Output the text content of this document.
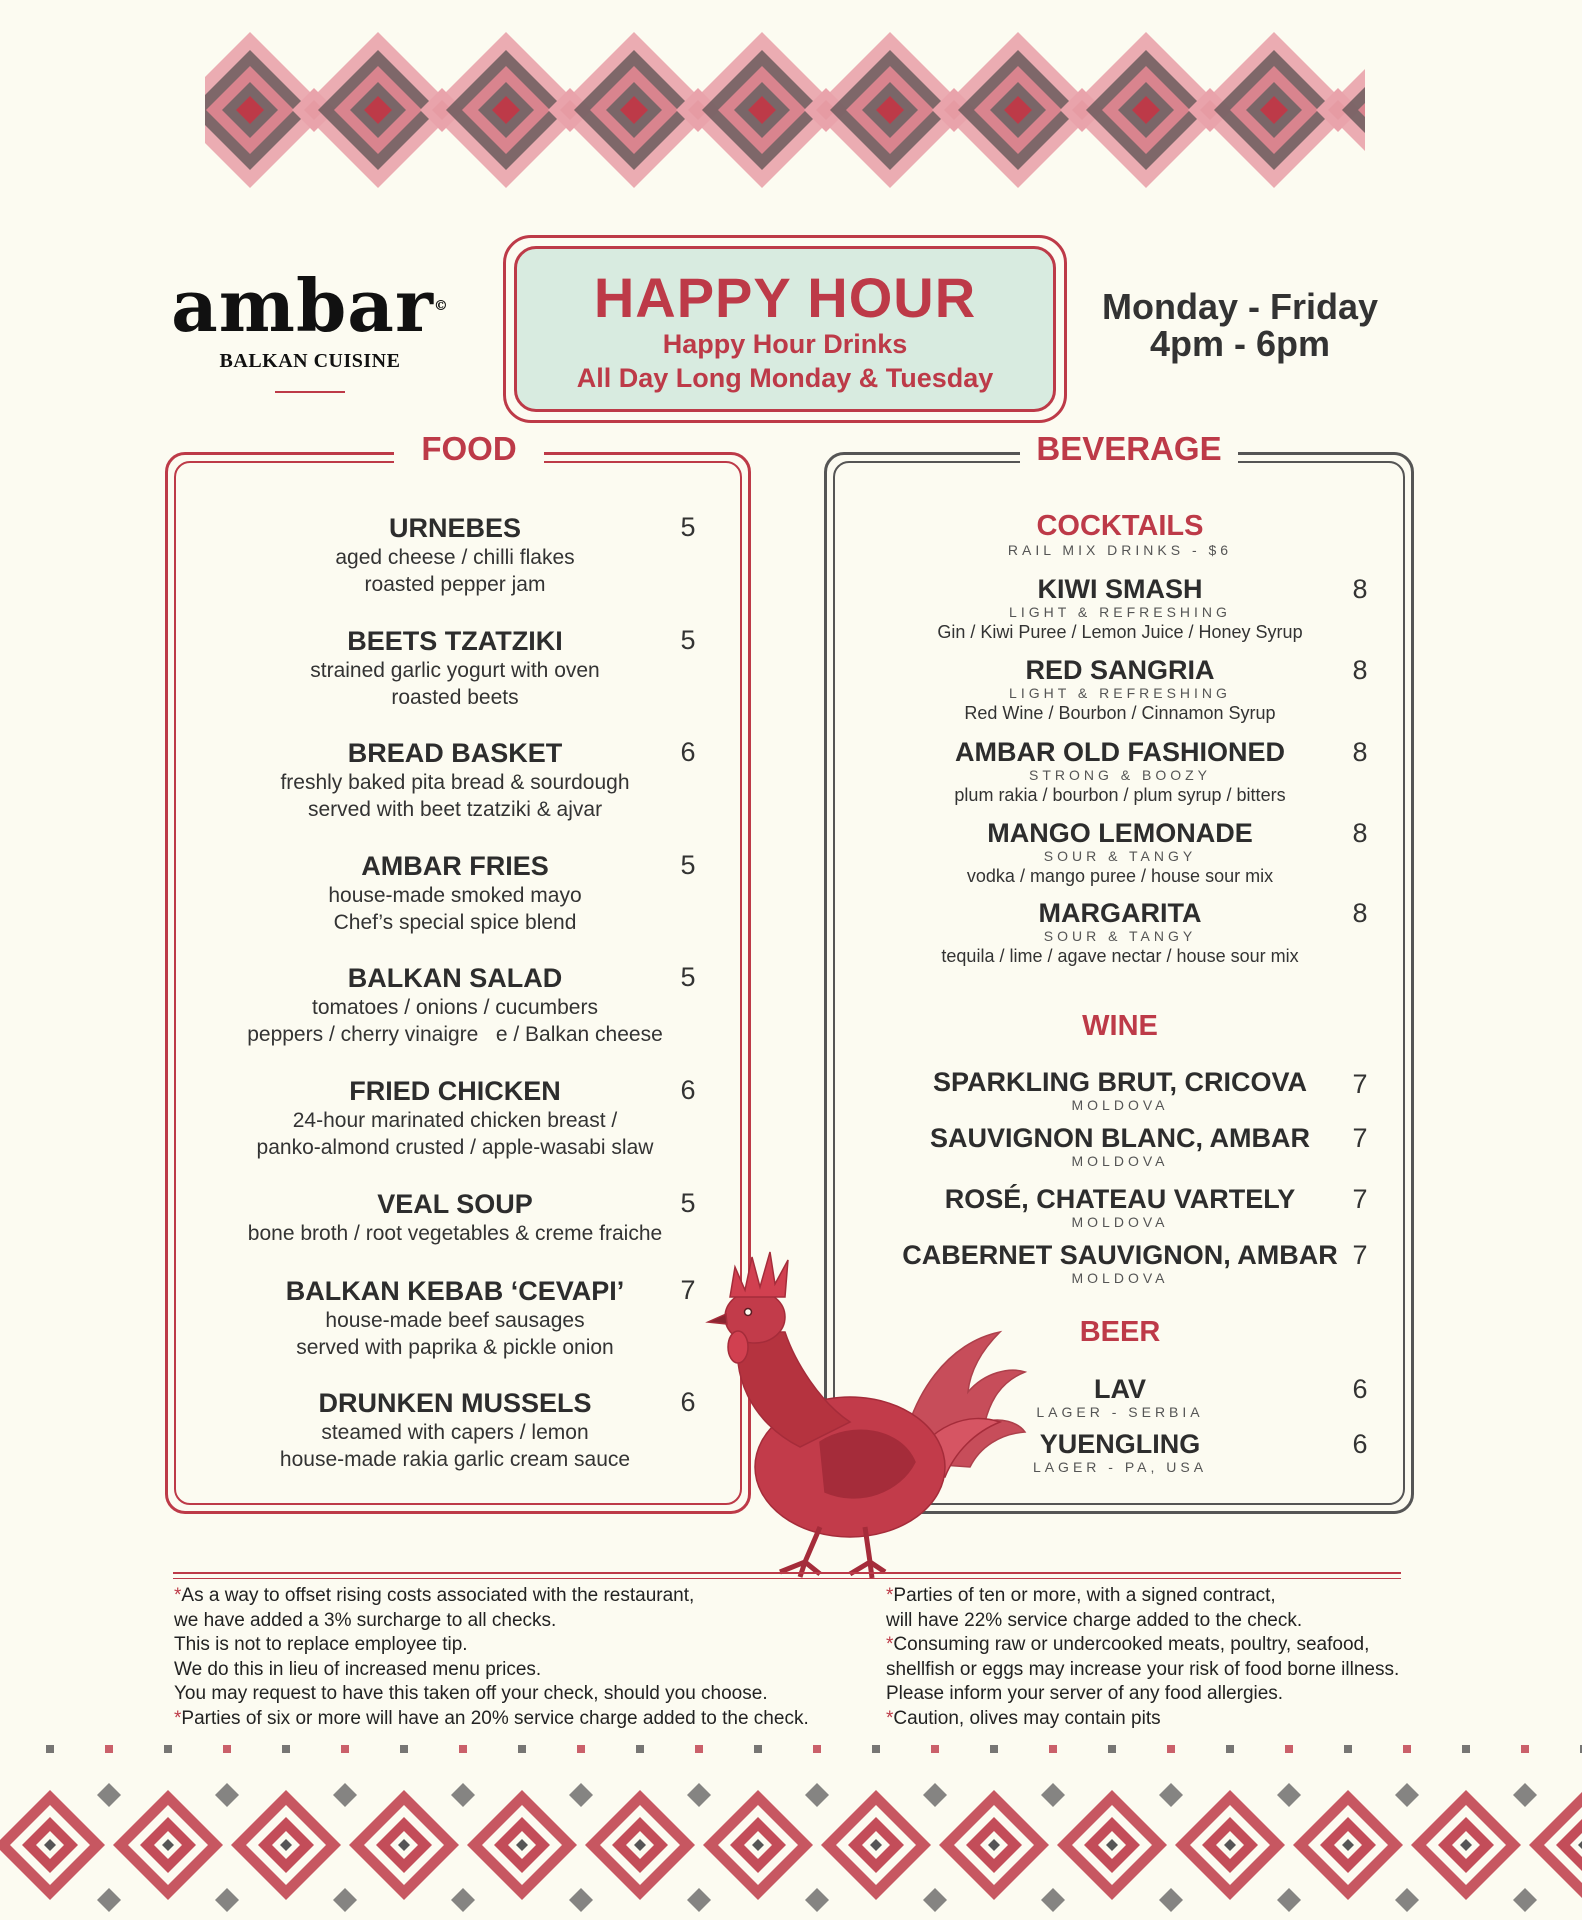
ambar©
BALKAN CUISINE
HAPPY HOUR
Happy Hour Drinks
All Day Long Monday & Tuesday
Monday - Friday
4pm - 6pm
FOOD	BEVERAGE
URNEBES
aged cheese / chilli flakes
roasted pepper jam
5
BEETS TZATZIKI
strained garlic yogurt with oven
roasted beets
5
BREAD BASKET
freshly baked pita bread & sourdough
served with beet tzatziki & ajvar
6
AMBAR FRIES
house-made smoked mayo
Chef’s special spice blend
5
BALKAN SALAD
tomatoes / onions / cucumbers
peppers / cherry vinaigre   e / Balkan cheese
5
FRIED CHICKEN
24-hour marinated chicken breast /
panko-almond crusted / apple-wasabi slaw
6
VEAL SOUP
bone broth / root vegetables & creme fraiche
5
BALKAN KEBAB ‘CEVAPI’
house-made beef sausages
served with paprika & pickle onion
7
DRUNKEN MUSSELS
steamed with capers / lemon
house-made rakia garlic cream sauce
6
COCKTAILS
RAIL MIX DRINKS - $6
KIWI SMASH
LIGHT & REFRESHING
Gin / Kiwi Puree / Lemon Juice / Honey Syrup
8
RED SANGRIA
LIGHT & REFRESHING
Red Wine / Bourbon / Cinnamon Syrup
8
AMBAR OLD FASHIONED
STRONG & BOOZY
plum rakia / bourbon / plum syrup / bitters
8
MANGO LEMONADE
SOUR & TANGY
vodka / mango puree / house sour mix
8
MARGARITA
SOUR & TANGY
tequila / lime / agave nectar / house sour mix
8
WINE
SPARKLING BRUT, CRICOVA
MOLDOVA
7
SAUVIGNON BLANC, AMBAR
MOLDOVA
7
ROSÉ, CHATEAU VARTELY
MOLDOVA
7
CABERNET SAUVIGNON, AMBAR
MOLDOVA
7
BEER
LAV
LAGER - SERBIA
6
YUENGLING
LAGER - PA, USA
6
*As a way to offset rising costs associated with the restaurant,
we have added a 3% surcharge to all checks.
This is not to replace employee tip.
We do this in lieu of increased menu prices.
You may request to have this taken off your check, should you choose.
*Parties of six or more will have an 20% service charge added to the check.
*Parties of ten or more, with a signed contract,
will have 22% service charge added to the check.
*Consuming raw or undercooked meats, poultry, seafood,
shellfish or eggs may increase your risk of food borne illness.
Please inform your server of any food allergies.
*Caution, olives may contain pits
